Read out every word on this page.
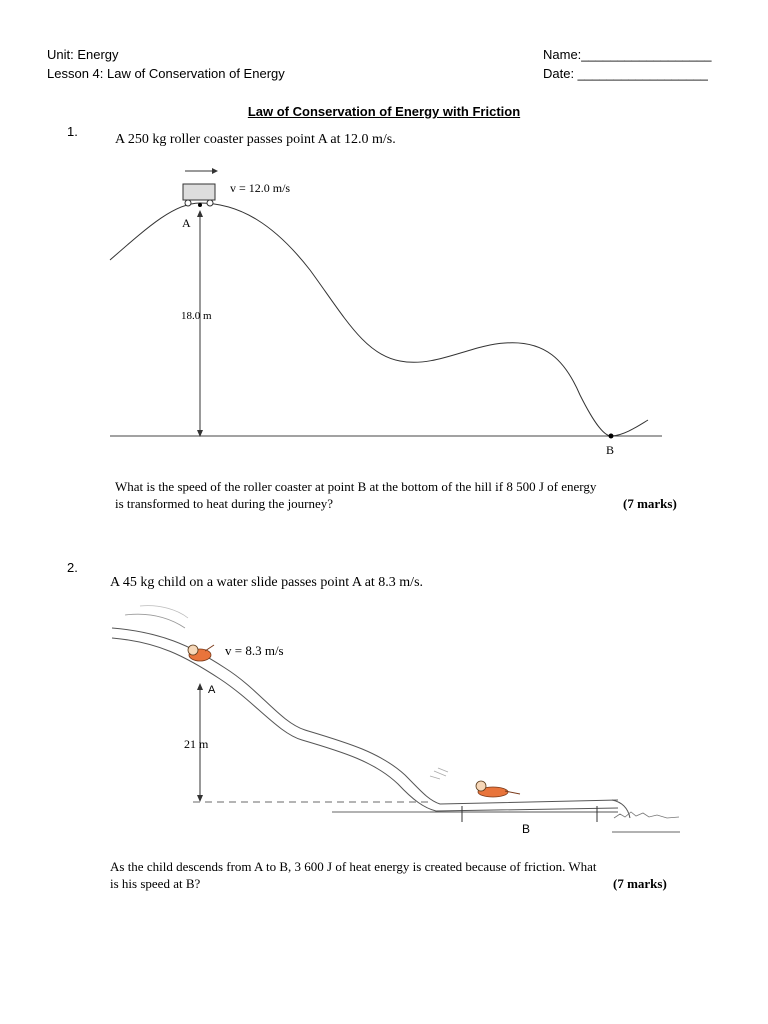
Unit: Energy
Lesson 4: Law of Conservation of Energy
Name:__________________
Date: __________________
Law of Conservation of Energy with Friction
1.
A 250 kg roller coaster passes point A at 12.0 m/s.
v = 12.0 m/s
A
18.0 m
B
What is the speed of the roller coaster at point B at the bottom of the hill if 8 500 J of energy
is transformed to heat during the journey?	(7 marks)
2.
A 45 kg child on a water slide passes point A at 8.3 m/s.
v = 8.3 m/s
A
21 m
B
As the child descends from A to B, 3 600 J of heat energy is created because of friction. What
is his speed at B?	(7 marks)
